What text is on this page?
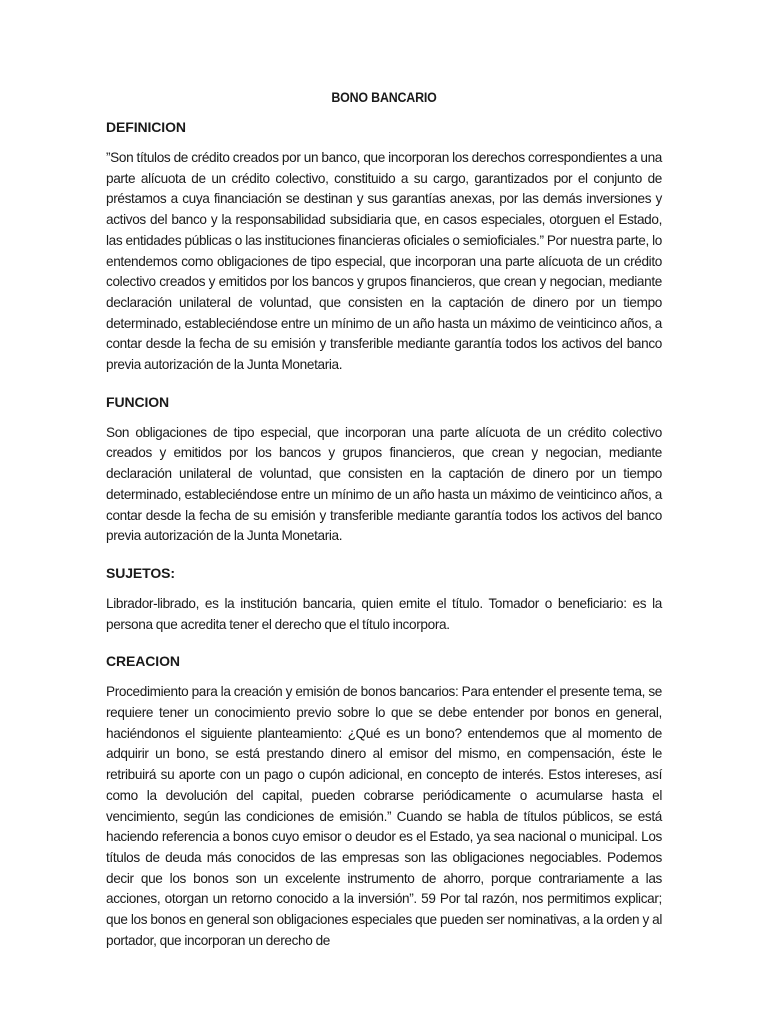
BONO BANCARIO
DEFINICION

”Son títulos de crédito creados por un banco, que incorporan los derechos correspondientes a una parte alícuota de un crédito colectivo, constituido a su cargo, garantizados por el conjunto de préstamos a cuya financiación se destinan y sus garantías anexas, por las demás inversiones y activos del banco y la responsabilidad subsidiaria que, en casos especiales, otorguen el Estado, las entidades públicas o las instituciones financieras oficiales o semioficiales.” Por nuestra parte, lo entendemos como obligaciones de tipo especial, que incorporan una parte alícuota de un crédito colectivo creados y emitidos por los bancos y grupos financieros, que crean y negocian, mediante declaración unilateral de voluntad, que consisten en la captación de dinero por un tiempo determinado, estableciéndose entre un mínimo de un año hasta un máximo de veinticinco años, a contar desde la fecha de su emisión y transferible mediante garantía todos los activos del banco previa autorización de la Junta Monetaria.

FUNCION

Son obligaciones de tipo especial, que incorporan una parte alícuota de un crédito colectivo creados y emitidos por los bancos y grupos financieros, que crean y negocian, mediante declaración unilateral de voluntad, que consisten en la captación de dinero por un tiempo determinado, estableciéndose entre un mínimo de un año hasta un máximo de veinticinco años, a contar desde la fecha de su emisión y transferible mediante garantía todos los activos del banco previa autorización de la Junta Monetaria.

SUJETOS:

Librador-librado, es la institución bancaria, quien emite el título. Tomador o beneficiario: es la persona que acredita tener el derecho que el título incorpora.

CREACION

Procedimiento para la creación y emisión de bonos bancarios: Para entender el presente tema, se requiere tener un conocimiento previo sobre lo que se debe entender por bonos en general, haciéndonos el siguiente planteamiento: ¿Qué es un bono? entendemos que al momento de adquirir un bono, se está prestando dinero al emisor del mismo, en compensación, éste le retribuirá su aporte con un pago o cupón adicional, en concepto de interés. Estos intereses, así como la devolución del capital, pueden cobrarse periódicamente o acumularse hasta el vencimiento, según las condiciones de emisión.” Cuando se habla de títulos públicos, se está haciendo referencia a bonos cuyo emisor o deudor es el Estado, ya sea nacional o municipal. Los títulos de deuda más conocidos de las empresas son las obligaciones negociables. Podemos decir que los bonos son un excelente instrumento de ahorro, porque contrariamente a las acciones, otorgan un retorno conocido a la inversión”. 59 Por tal razón, nos permitimos explicar; que los bonos en general son obligaciones especiales que pueden ser nominativas, a la orden y al portador, que incorporan un derecho de
